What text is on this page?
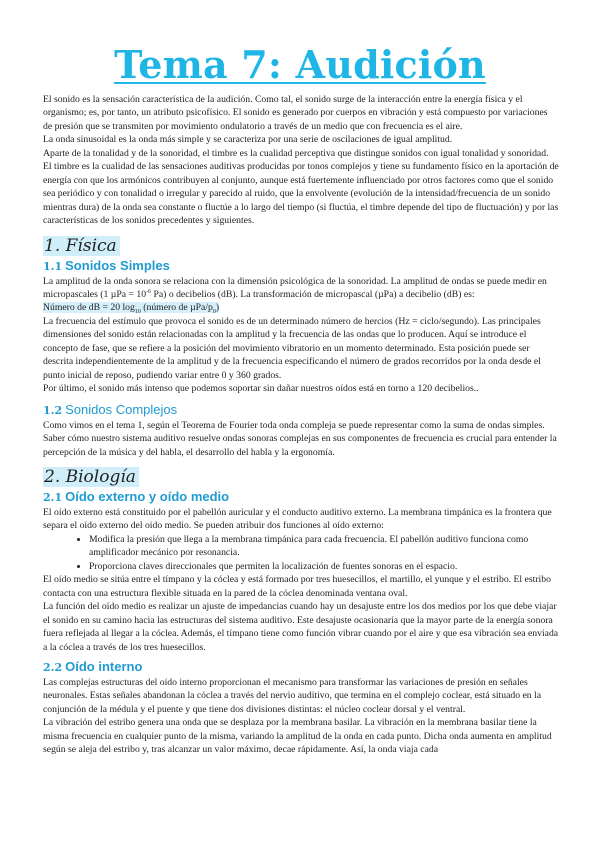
Tema 7: Audición

El sonido es la sensación característica de la audición. Como tal, el sonido surge de la interacción entre la energía física y el organismo; es, por tanto, un atributo psicofísico. El sonido es generado por cuerpos en vibración y está compuesto por variaciones de presión que se transmiten por movimiento ondulatorio a través de un medio que con frecuencia es el aire.

La onda sinusoidal es la onda más simple y se caracteriza por una serie de oscilaciones de igual amplitud.

Aparte de la tonalidad y de la sonoridad, el timbre es la cualidad perceptiva que distingue sonidos con igual tonalidad y sonoridad. El timbre es la cualidad de las sensaciones auditivas producidas por tonos complejos y tiene su fundamento físico en la aportación de energía con que los armónicos contribuyen al conjunto, aunque está fuertemente influenciado por otros factores como que el sonido sea periódico y con tonalidad o irregular y parecido al ruido, que la envolvente (evolución de la intensidad/frecuencia de un sonido mientras dura) de la onda sea constante o fluctúe a lo largo del tiempo (si fluctúa, el timbre depende del tipo de fluctuación) y por las características de los sonidos precedentes y siguientes.

1. Física
1.1 Sonidos Simples

La amplitud de la onda sonora se relaciona con la dimensión psicológica de la sonoridad. La amplitud de ondas se puede medir en micropascales (1 $\mu Pa = 10^{-6}$ Pa) o decibelios (dB). La transformación de micropascal (µPa) a decibelio (dB) es:

Número de dB = 20 $\log_{10}$ (número de µPa/$p_0$)

La frecuencia del estímulo que provoca el sonido es de un determinado número de hercios (Hz = ciclo/segundo). Las principales dimensiones del sonido están relacionadas con la amplitud y la frecuencia de las ondas que lo producen. Aquí se introduce el concepto de fase, que se refiere a la posición del movimiento vibratorio en un momento determinado. Esta posición puede ser descrita independientemente de la amplitud y de la frecuencia especificando el número de grados recorridos por la onda desde el punto inicial de reposo, pudiendo variar entre 0 y 360 grados.

Por último, el sonido más intenso que podemos soportar sin dañar nuestros oídos está en torno a 120 decibelios..

1.2 Sonidos Complejos

Como vimos en el tema 1, según el Teorema de Fourier toda onda compleja se puede representar como la suma de ondas simples. Saber cómo nuestro sistema auditivo resuelve ondas sonoras complejas en sus componentes de frecuencia es crucial para entender la percepción de la música y del habla, el desarrollo del habla y la ergonomía.

2. Biología
2.1 Oído externo y oído medio

El oído externo está constituido por el pabellón auricular y el conducto auditivo externo. La membrana timpánica es la frontera que separa el oído externo del oído medio. Se pueden atribuir dos funciones al oído externo:

• Modifica la presión que llega a la membrana timpánica para cada frecuencia. El pabellón auditivo funciona como amplificador mecánico por resonancia.
• Proporciona claves direccionales que permiten la localización de fuentes sonoras en el espacio.

El oído medio se sitúa entre el tímpano y la cóclea y está formado por tres huesecillos, el martillo, el yunque y el estribo. El estribo contacta con una estructura flexible situada en la pared de la cóclea denominada ventana oval.

La función del oído medio es realizar un ajuste de impedancias cuando hay un desajuste entre los dos medios por los que debe viajar el sonido en su camino hacia las estructuras del sistema auditivo. Este desajuste ocasionaría que la mayor parte de la energía sonora fuera reflejada al llegar a la cóclea. Además, el tímpano tiene como función vibrar cuando por el aire y que esa vibración sea enviada a la cóclea a través de los tres huesecillos.

2.2 Oído interno

Las complejas estructuras del oído interno proporcionan el mecanismo para transformar las variaciones de presión en señales neuronales. Estas señales abandonan la cóclea a través del nervio auditivo, que termina en el complejo coclear, está situado en la conjunción de la médula y el puente y que tiene dos divisiones distintas: el núcleo coclear dorsal y el ventral.

La vibración del estribo genera una onda que se desplaza por la membrana basilar. La vibración en la membrana basilar tiene la misma frecuencia en cualquier punto de la misma, variando la amplitud de la onda en cada punto. Dicha onda aumenta en amplitud según se aleja del estribo y, tras alcanzar un valor máximo, decae rápidamente. Así, la onda viaja cada
